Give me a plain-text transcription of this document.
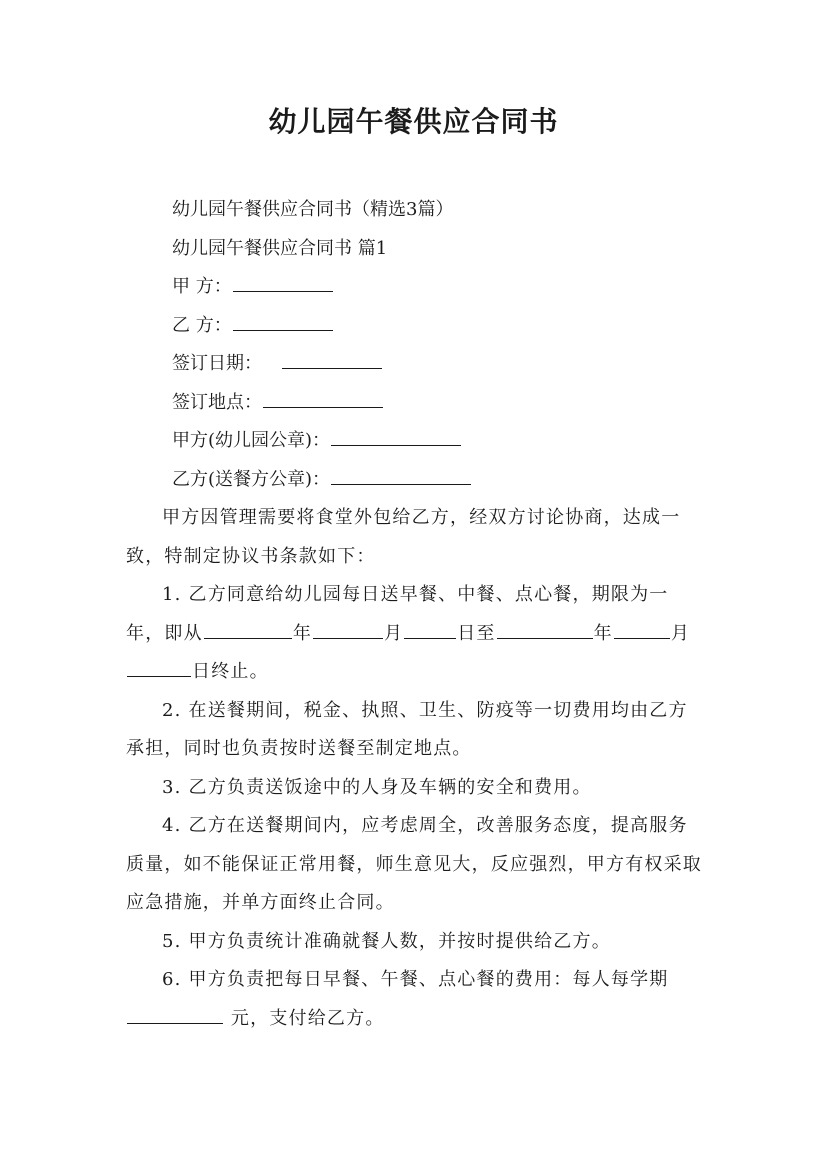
幼儿园午餐供应合同书

幼儿园午餐供应合同书（精选3篇）

幼儿园午餐供应合同书 篇1

甲 方：

乙 方：

签订日期：

签订地点：

甲方(幼儿园公章)：

乙方(送餐方公章)：

甲方因管理需要将食堂外包给乙方，经双方讨论协商，达成一致，特制定协议书条款如下：

1. 乙方同意给幼儿园每日送早餐、中餐、点心餐，期限为一年，即从	年	月	日至	年	月日终止。

2. 在送餐期间，税金、执照、卫生、防疫等一切费用均由乙方承担，同时也负责按时送餐至制定地点。

3. 乙方负责送饭途中的人身及车辆的安全和费用。

4. 乙方在送餐期间内，应考虑周全，改善服务态度，提高服务质量，如不能保证正常用餐，师生意见大，反应强烈，甲方有权采取应急措施，并单方面终止合同。

5. 甲方负责统计准确就餐人数，并按时提供给乙方。

6. 甲方负责把每日早餐、午餐、点心餐的费用：每人每学期  元，支付给乙方。
